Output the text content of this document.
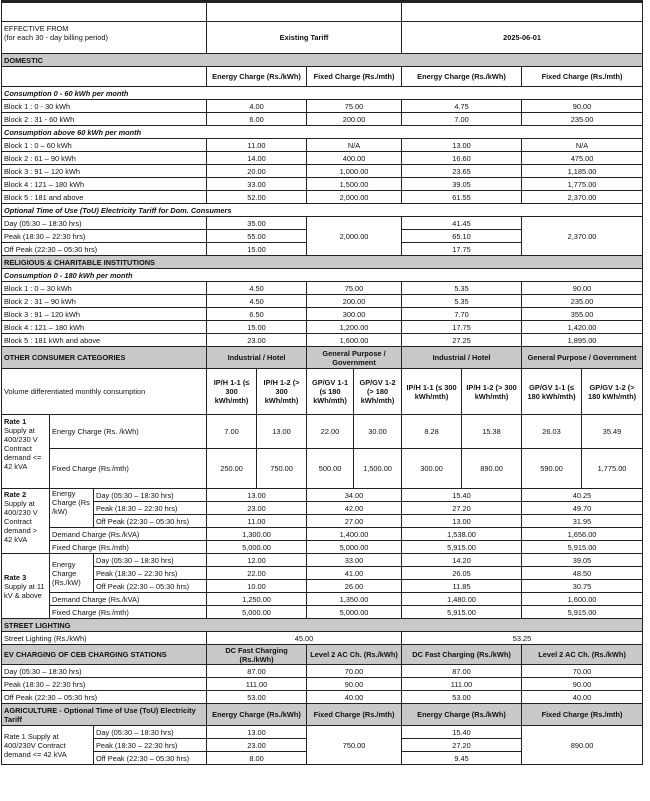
EFFECTIVE FROM
(for each 30 - day billing period)			Existing Tariff				2025-06-01			
DOMESTIC										
			Energy Charge (Rs./kWh)		Fixed Charge (Rs./mth)		Energy Charge (Rs./kWh)		Fixed Charge (Rs./mth)	
Consumption 0 - 60 kWh per month										
Block 1 : 0 - 30 kWh			4.00		75.00		4.75		90.00	
Block 2 : 31 - 60 kWh			6.00		200.00		7.00		235.00	
Consumption above 60 kWh per month										
Block 1 : 0 – 60 kWh			11.00		N/A		13.00		N/A	
Block 2 : 61 – 90 kWh			14.00		400.00		16.60		475.00	
Block 3 : 91 – 120 kWh			20.00		1,000.00		23.65		1,185.00	
Block 4 : 121 – 180 kWh			33.00		1,500.00		39.05		1,775.00	
Block 5 : 181 and above			52.00		2,000.00		61.55		2,370.00	
Optional Time of Use (ToU) Electricity Tariff for Dom. Consumers										
Day (05:30 – 18:30 hrs)			35.00		2,000.00		41.45		2,370.00	
Peak (18:30 – 22:30 hrs)			55.00				65.10			
Off Peak (22:30 – 05:30 hrs)			15.00				17.75			
RELIGIOUS & CHARITABLE INSTITUTIONS										
Consumption 0 - 180 kWh per month										
Block 1 : 0 – 30 kWh			4.50		75.00		5.35		90.00	
Block 2 : 31 – 90 kWh			4.50		200.00		5.35		235.00	
Block 3 : 91 – 120 kWh			6.50		300.00		7.70		355.00	
Block 4 : 121 – 180 kWh			15.00		1,200.00		17.75		1,420.00	
Block 5 : 181 kWh and above			23.00		1,600.00		27.25		1,895.00	
OTHER CONSUMER CATEGORIES			Industrial / Hotel		General Purpose / Government		Industrial / Hotel		General Purpose / Government	
Volume differentiated monthly consumption			IP/H 1-1 (≤ 300 kWh/mth)	IP/H 1-2 (> 300 kWh/mth)	GP/GV 1-1 (≤ 180 kWh/mth)	GP/GV 1-2 (> 180 kWh/mth)	IP/H 1-1 (≤ 300 kWh/mth)	IP/H 1-2 (> 300 kWh/mth)	GP/GV 1-1 (≤ 180 kWh/mth)	GP/GV 1-2 (> 180 kWh/mth)

Rate 1
Supply at 400/230 V Contract demand <= 42 kVA	Energy Charge (Rs. /kWh)		7.00	13.00	22.00	30.00	8.28	15.38	26.03	35.49
	Fixed Charge (Rs./mth)		250.00	750.00	500.00	1,500.00	300.00	890.00	590.00	1,775.00

Rate 2
Supply at 400/230 V Contract demand > 42 kVA	Energy Charge (Rs /kW)	Day (05:30 – 18:30 hrs)	13.00		34.00		15.40		40.25	
		Peak (18:30 – 22:30 hrs)	23.00		42.00		27.20		49.70	
		Off Peak (22:30 – 05:30 hrs)	11.00		27.00		13.00		31.95	
	Demand Charge (Rs./kVA)		1,300.00		1,400.00		1,538.00		1,656.00	
	Fixed Charge (Rs./mth)		5,000.00		5,000.00		5,915.00		5,915.00	

Rate 3
Supply at 11 kV & above	Energy Charge (Rs./kW)	Day (05:30 – 18:30 hrs)	12.00		33.00		14.20		39.05	
		Peak (18:30 – 22:30 hrs)	22.00		41.00		26.05		48.50	
		Off Peak (22:30 – 05:30 hrs)	10.00		26.00		11.85		30.75	
	Demand Charge (Rs./kVA)		1,250.00		1,350.00		1,480.00		1,600.00	
	Fixed Charge (Rs./mth)		5,000.00		5,000.00		5,915.00		5,915.00	
STREET LIGHTING										
Street Lighting (Rs./kWh)			45.00				53.25			
EV CHARGING OF CEB CHARGING STATIONS			DC Fast Charging (Rs./kWh)		Level 2 AC Ch. (Rs./kWh)		DC Fast Charging (Rs./kWh)		Level 2 AC Ch. (Rs./kWh)	
Day (05:30 – 18:30 hrs)			87.00		70.00		87.00		70.00	
Peak (18:30 – 22:30 hrs)			111.00		90.00		111.00		90.00	
Off Peak (22:30 – 05:30 hrs)			53.00		40.00		53.00		40.00	
AGRICULTURE - Optional Time of Use (ToU) Electricity Tariff			Energy Charge (Rs./kWh)		Fixed Charge (Rs./mth)		Energy Charge (Rs./kWh)		Fixed Charge (Rs./mth)	
Rate 1 Supply at 400/230V Contract demand <= 42 kVA		Day (05:30 – 18:30 hrs)	13.00		750.00		15.40		890.00	
		Peak (18:30 – 22:30 hrs)	23.00				27.20			
		Off Peak (22:30 – 05:30 hrs)	8.00				9.45			
